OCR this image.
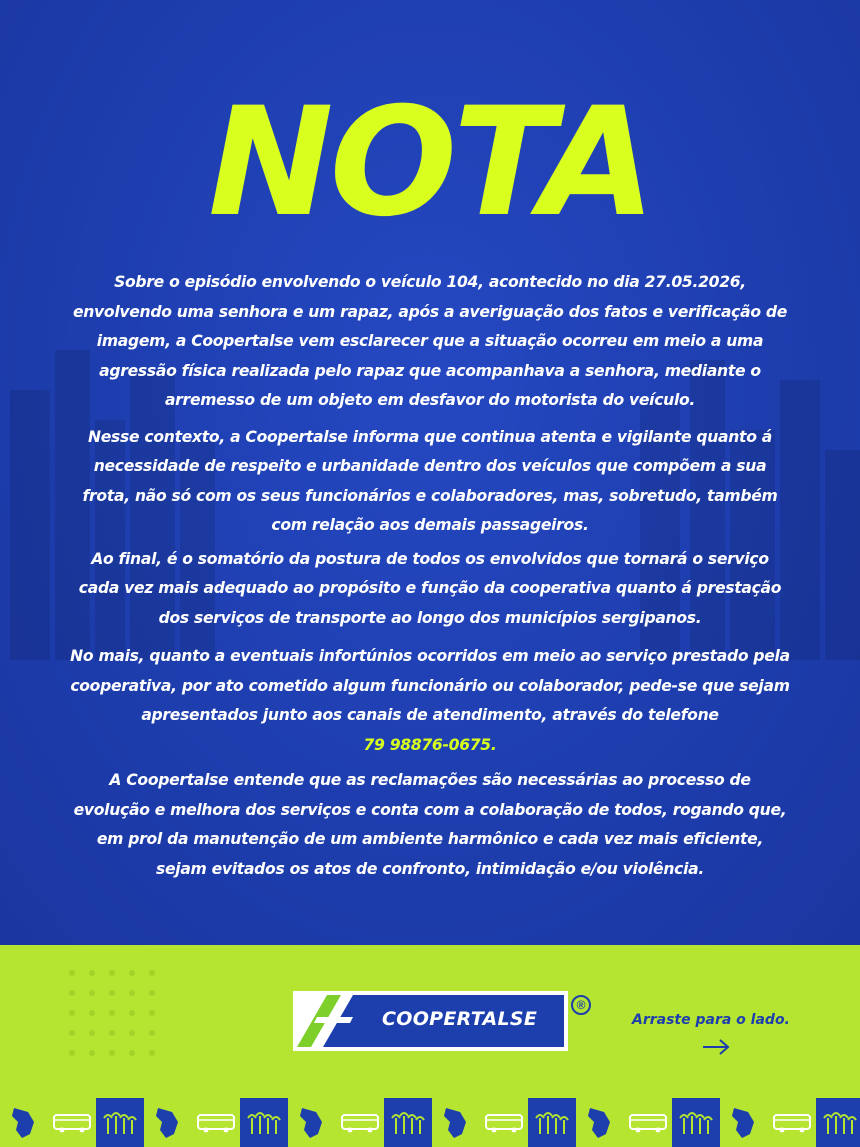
NOTA

Sobre o episódio envolvendo o veículo 104, acontecido no dia 27.05.2026, envolvendo uma senhora e um rapaz, após a averiguação dos fatos e verificação de imagem, a Coopertalse vem esclarecer que a situação ocorreu em meio a uma agressão física realizada pelo rapaz que acompanhava a senhora, mediante o arremesso de um objeto em desfavor do motorista do veículo.

Nesse contexto, a Coopertalse informa que continua atenta e vigilante quanto á necessidade de respeito e urbanidade dentro dos veículos que compõem a sua frota, não só com os seus funcionários e colaboradores, mas, sobretudo, também com relação aos demais passageiros.

Ao final, é o somatório da postura de todos os envolvidos que tornará o serviço cada vez mais adequado ao propósito e função da cooperativa quanto á prestação dos serviços de transporte ao longo dos municípios sergipanos.

No mais, quanto a eventuais infortúnios ocorridos em meio ao serviço prestado pela cooperativa, por ato cometido algum funcionário ou colaborador, pede-se que sejam apresentados junto aos canais de atendimento, através do telefone
79 98876-0675.

A Coopertalse entende que as reclamações são necessárias ao processo de evolução e melhora dos serviços e conta com a colaboração de todos, rogando que, em prol da manutenção de um ambiente harmônico e cada vez mais eficiente, sejam evitados os atos de confronto, intimidação e/ou violência.

COOPERTALSE
®
Arraste para o lado.
